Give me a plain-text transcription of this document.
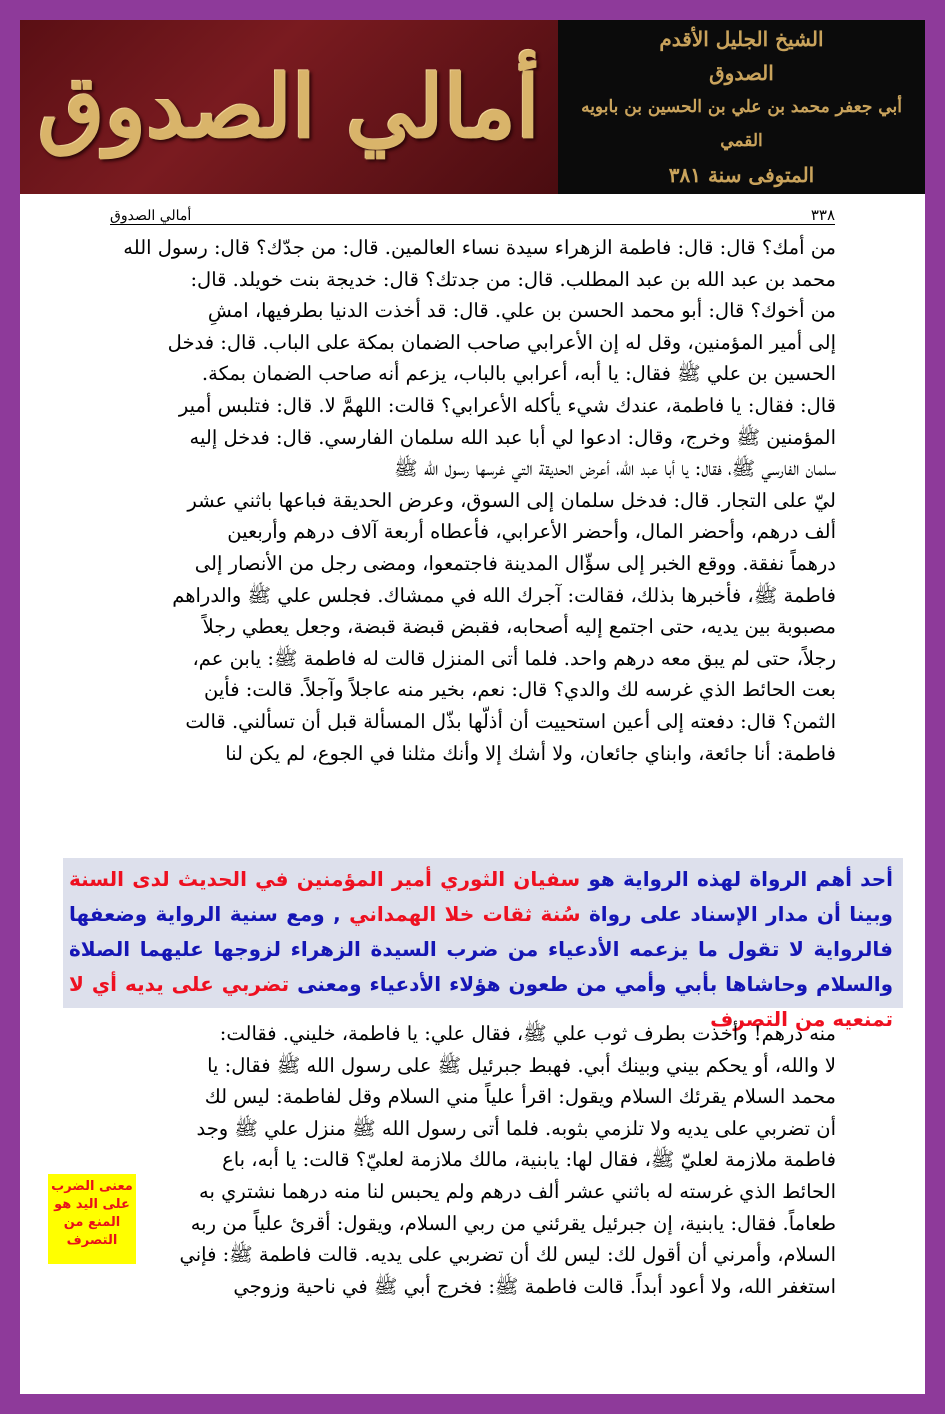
أمالي الصدوق
الشيخ الجليل الأقدم
الصدوق
أبي جعفر محمد بن علي بن الحسين بن بابويه القمي
المتوفى سنة ٣٨١
٣٣٨
أمالي الصدوق

من أمك؟ قال: قال: فاطمة الزهراء سيدة نساء العالمين. قال: من جدّك؟ قال: رسول الله

محمد بن عبد الله بن عبد المطلب. قال: من جدتك؟ قال: خديجة بنت خويلد. قال:

من أخوك؟ قال: أبو محمد الحسن بن علي. قال: قد أخذت الدنيا بطرفيها، امشِ

إلى أمير المؤمنين، وقل له إن الأعرابي صاحب الضمان بمكة على الباب. قال: فدخل

الحسين بن علي ﷺ فقال: يا أبه، أعرابي بالباب، يزعم أنه صاحب الضمان بمكة.

قال: فقال: يا فاطمة، عندك شيء يأكله الأعرابي؟ قالت: اللهمَّ لا. قال: فتلبس أمير

المؤمنين ﷺ وخرج، وقال: ادعوا لي أبا عبد الله سلمان الفارسي. قال: فدخل إليه

سلمان الفارسي ﷺ، فقال: يا أبا عبد الله، أعرض الحديقة التي غرسها رسول الله ﷺ

ليّ على التجار. قال: فدخل سلمان إلى السوق، وعرض الحديقة فباعها باثني عشر

ألف درهم، وأحضر المال، وأحضر الأعرابي، فأعطاه أربعة آلاف درهم وأربعين

درهماً نفقة. ووقع الخبر إلى سؤّال المدينة فاجتمعوا، ومضى رجل من الأنصار إلى

فاطمة ﷺ، فأخبرها بذلك، فقالت: آجرك الله في ممشاك. فجلس علي ﷺ والدراهم

مصبوبة بين يديه، حتى اجتمع إليه أصحابه، فقبض قبضة قبضة، وجعل يعطي رجلاً

رجلاً، حتى لم يبق معه درهم واحد. فلما أتى المنزل قالت له فاطمة ﷺ: يابن عم،

بعت الحائط الذي غرسه لك والدي؟ قال: نعم، بخير منه عاجلاً وآجلاً. قالت: فأين

الثمن؟ قال: دفعته إلى أعين استحييت أن أذلّها بذّل المسألة قبل أن تسألني. قالت

فاطمة: أنا جائعة، وابناي جائعان، ولا أشك إلا وأنك مثلنا في الجوع، لم يكن لنا

أحد أهم الرواة لهذه الرواية هو سفيان الثوري أمير المؤمنين في الحديث لدى السنة وبينا أن مدار الإسناد على رواة سُنة ثقات خلا الهمداني , ومع سنية الرواية وضعفها فالرواية لا تقول ما يزعمه الأدعياء من ضرب السيدة الزهراء لزوجها عليهما الصلاة والسلام وحاشاها بأبي وأمي من طعون هؤلاء الأدعياء ومعنى تضربي على يديه أي لا تمنعيه من التصرف

منه درهم! وأخذت بطرف ثوب علي ﷺ، فقال علي: يا فاطمة، خليني. فقالت:

لا والله، أو يحكم بيني وبينك أبي. فهبط جبرئيل ﷺ على رسول الله ﷺ فقال: يا

محمد السلام يقرئك السلام ويقول: اقرأ علياً مني السلام وقل لفاطمة: ليس لك

أن تضربي على يديه ولا تلزمي بثوبه. فلما أتى رسول الله ﷺ منزل علي ﷺ وجد

فاطمة ملازمة لعليّ ﷺ، فقال لها: يابنية، مالك ملازمة لعليّ؟ قالت: يا أبه، باع

الحائط الذي غرسته له باثني عشر ألف درهم ولم يحبس لنا منه درهما نشتري به

طعاماً. فقال: يابنية، إن جبرئيل يقرئني من ربي السلام، ويقول: أقرئ علياً من ربه

السلام، وأمرني أن أقول لك: ليس لك أن تضربي على يديه. قالت فاطمة ﷺ: فإني

استغفر الله، ولا أعود أبداً. قالت فاطمة ﷺ: فخرج أبي ﷺ في ناحية وزوجي

معنى الضرب على اليد هو المنع من التصرف
